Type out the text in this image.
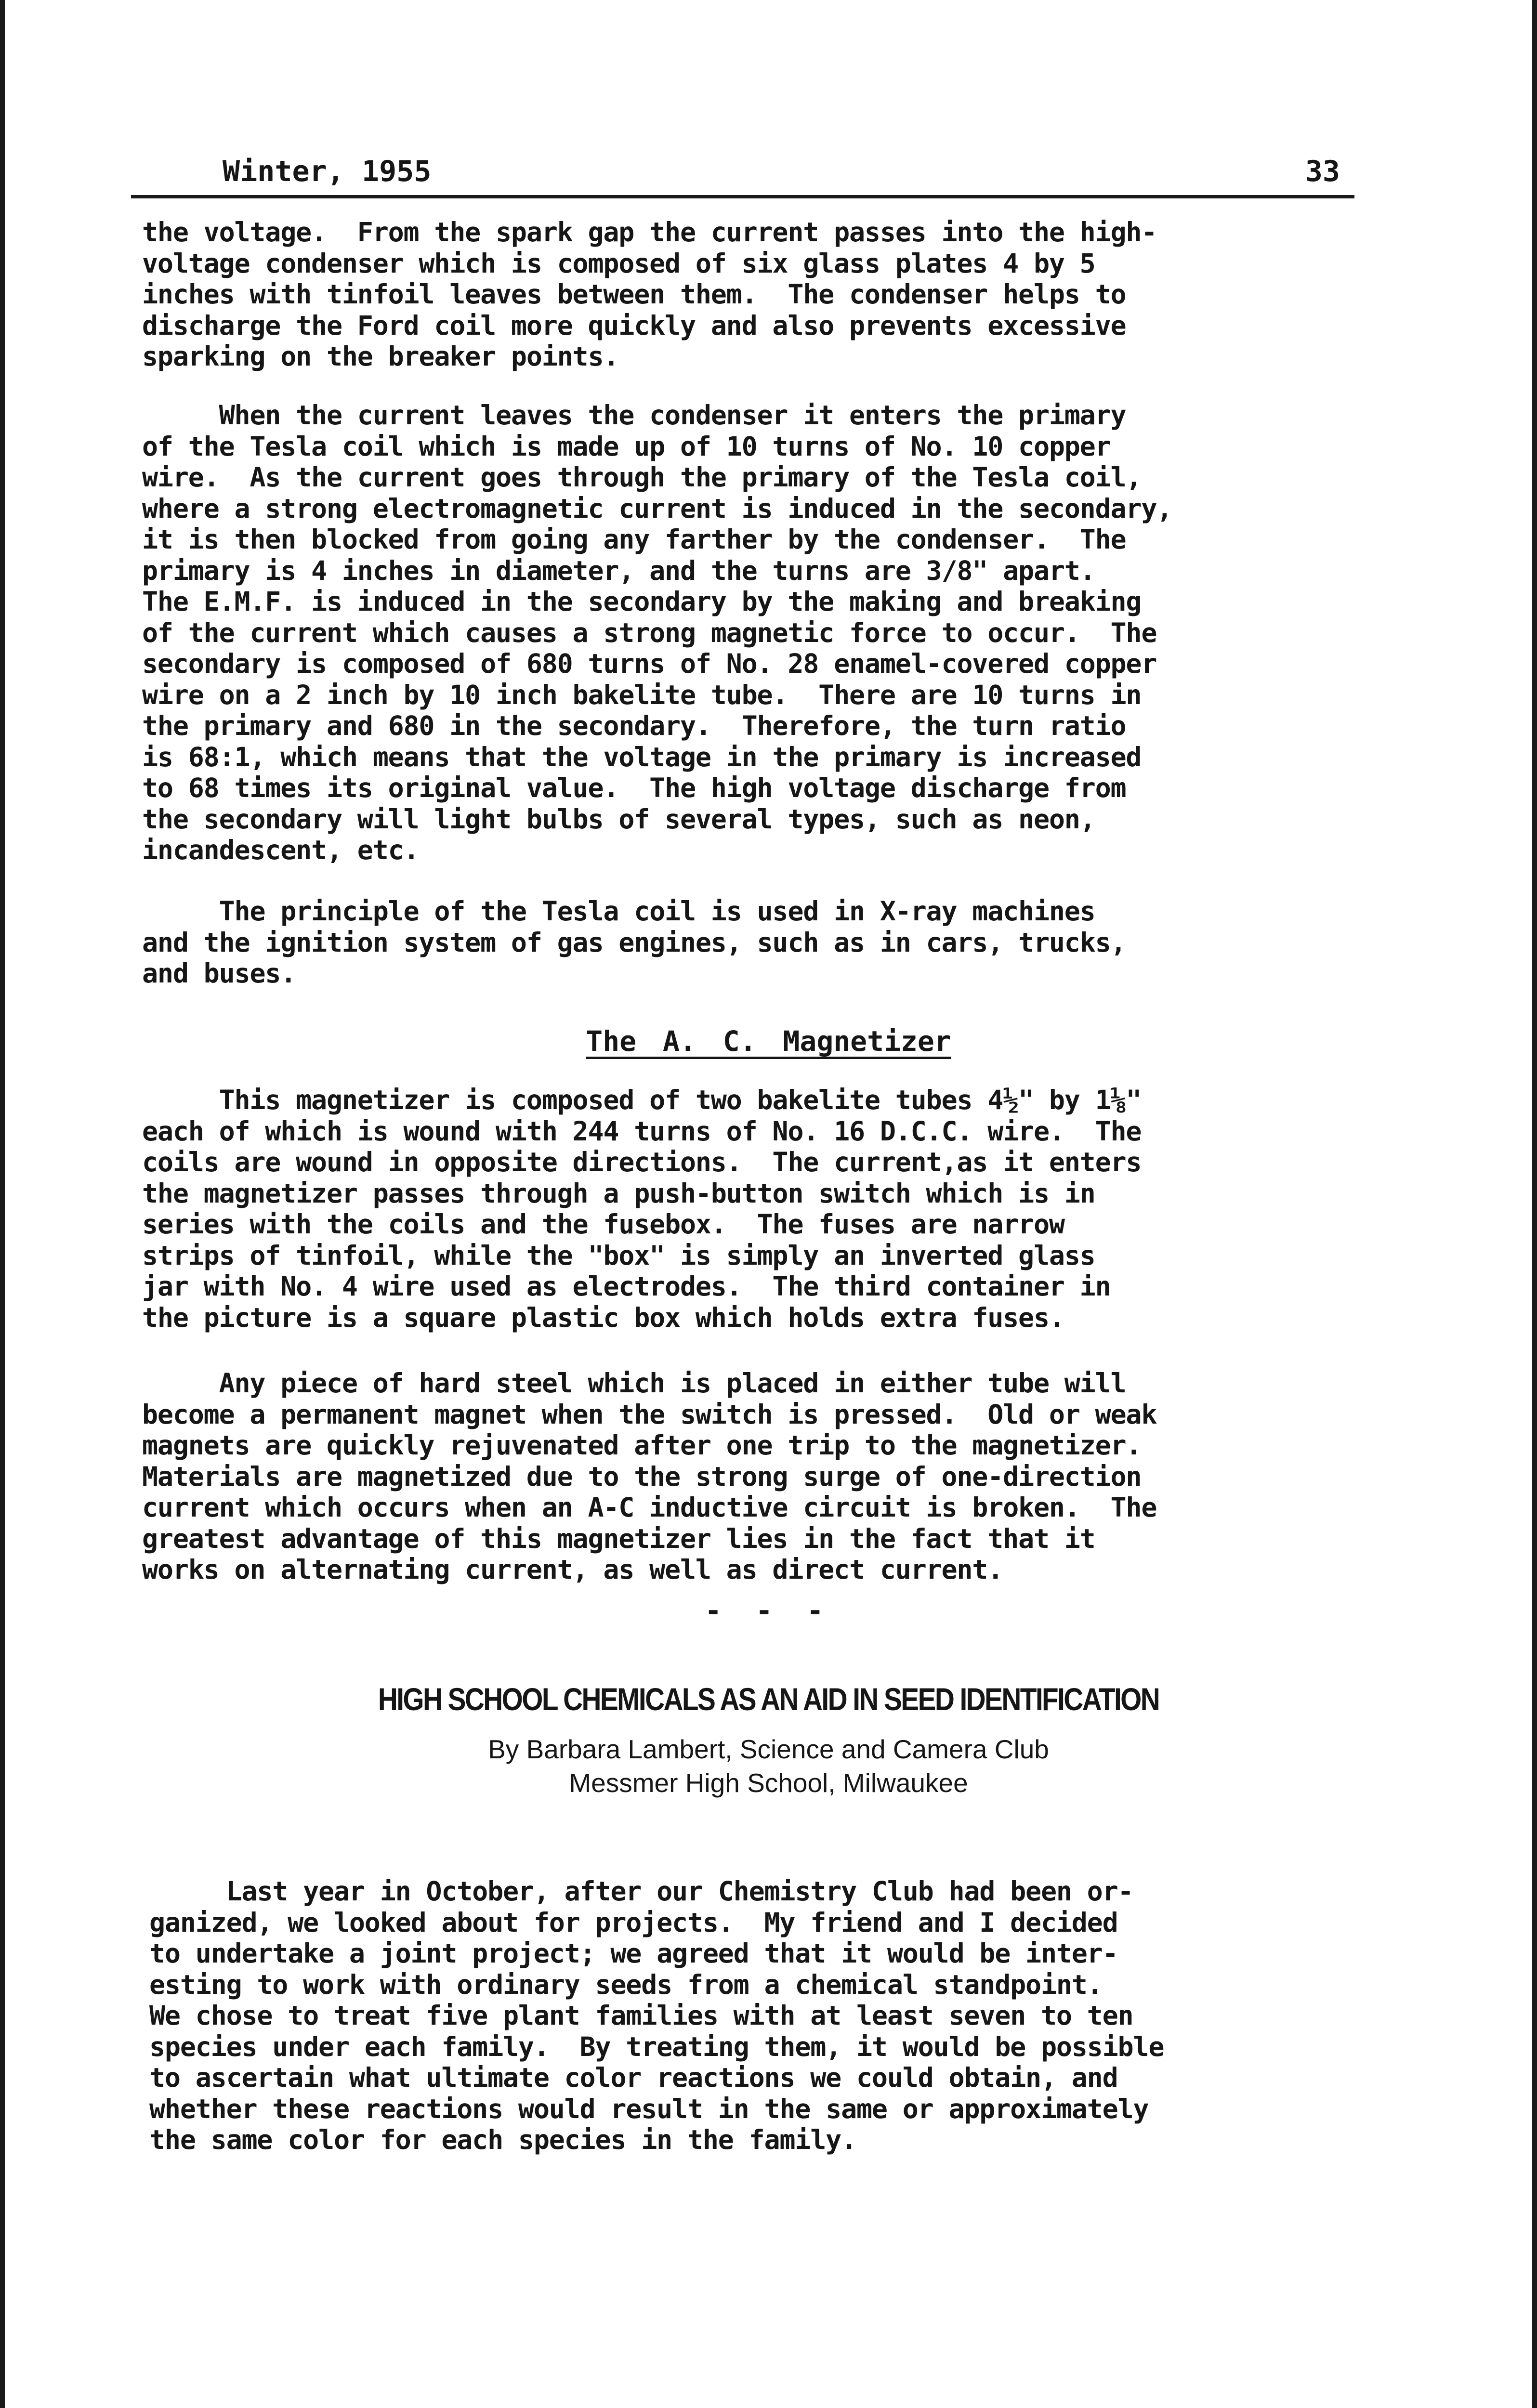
Winter, 1955	33
the voltage.  From the spark gap the current passes into the high-
voltage condenser which is composed of six glass plates 4 by 5
inches with tinfoil leaves between them.  The condenser helps to
discharge the Ford coil more quickly and also prevents excessive
sparking on the breaker points.
When the current leaves the condenser it enters the primary
of the Tesla coil which is made up of 10 turns of No. 10 copper
wire.  As the current goes through the primary of the Tesla coil,
where a strong electromagnetic current is induced in the secondary,
it is then blocked from going any farther by the condenser.  The
primary is 4 inches in diameter, and the turns are 3/8" apart.
The E.M.F. is induced in the secondary by the making and breaking
of the current which causes a strong magnetic force to occur.  The
secondary is composed of 680 turns of No. 28 enamel-covered copper
wire on a 2 inch by 10 inch bakelite tube.  There are 10 turns in
the primary and 680 in the secondary.  Therefore, the turn ratio
is 68:1, which means that the voltage in the primary is increased
to 68 times its original value.  The high voltage discharge from
the secondary will light bulbs of several types, such as neon,
incandescent, etc.
The principle of the Tesla coil is used in X-ray machines
and the ignition system of gas engines, such as in cars, trucks,
and buses.
The A. C. Magnetizer
This magnetizer is composed of two bakelite tubes 4½" by 1⅛"
each of which is wound with 244 turns of No. 16 D.C.C. wire.  The
coils are wound in opposite directions.  The current,as it enters
the magnetizer passes through a push-button switch which is in
series with the coils and the fusebox.  The fuses are narrow
strips of tinfoil, while the "box" is simply an inverted glass
jar with No. 4 wire used as electrodes.  The third container in
the picture is a square plastic box which holds extra fuses.
Any piece of hard steel which is placed in either tube will
become a permanent magnet when the switch is pressed.  Old or weak
magnets are quickly rejuvenated after one trip to the magnetizer.
Materials are magnetized due to the strong surge of one-direction
current which occurs when an A-C inductive circuit is broken.  The
greatest advantage of this magnetizer lies in the fact that it
works on alternating current, as well as direct current.
- - -
HIGH SCHOOL CHEMICALS AS AN AID IN SEED IDENTIFICATION
By Barbara Lambert, Science and Camera Club
Messmer High School, Milwaukee
Last year in October, after our Chemistry Club had been or-
ganized, we looked about for projects.  My friend and I decided
to undertake a joint project; we agreed that it would be inter-
esting to work with ordinary seeds from a chemical standpoint.
We chose to treat five plant families with at least seven to ten
species under each family.  By treating them, it would be possible
to ascertain what ultimate color reactions we could obtain, and
whether these reactions would result in the same or approximately
the same color for each species in the family.
